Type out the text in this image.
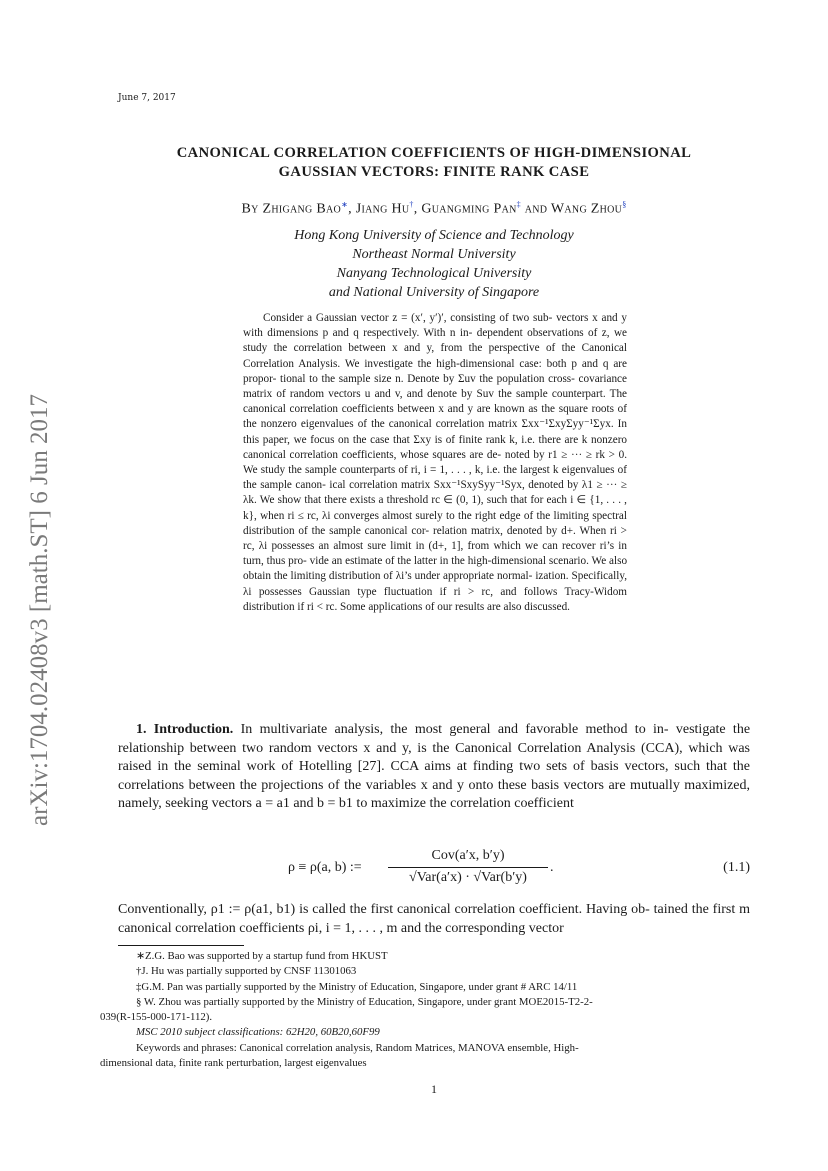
June 7, 2017
arXiv:1704.02408v3 [math.ST] 6 Jun 2017
CANONICAL CORRELATION COEFFICIENTS OF HIGH-DIMENSIONAL
GAUSSIAN VECTORS: FINITE RANK CASE
By Zhigang Bao∗, Jiang Hu†, Guangming Pan‡ and Wang Zhou§
Hong Kong University of Science and Technology
Northeast Normal University
Nanyang Technological University
and National University of Singapore

Consider a Gaussian vector z = (x′, y′)′, consisting of two sub- vectors x and y with dimensions p and q respectively. With n in- dependent observations of z, we study the correlation between x and y, from the perspective of the Canonical Correlation Analysis. We investigate the high-dimensional case: both p and q are propor- tional to the sample size n. Denote by Σuv the population cross- covariance matrix of random vectors u and v, and denote by Suv the sample counterpart. The canonical correlation coefficients between x and y are known as the square roots of the nonzero eigenvalues of the canonical correlation matrix Σxx⁻¹ΣxyΣyy⁻¹Σyx. In this paper, we focus on the case that Σxy is of finite rank k, i.e. there are k nonzero canonical correlation coefficients, whose squares are de- noted by r1 ≥ ··· ≥ rk > 0. We study the sample counterparts of ri, i = 1, . . . , k, i.e. the largest k eigenvalues of the sample canon- ical correlation matrix Sxx⁻¹SxySyy⁻¹Syx, denoted by λ1 ≥ ··· ≥ λk. We show that there exists a threshold rc ∈ (0, 1), such that for each i ∈ {1, . . . , k}, when ri ≤ rc, λi converges almost surely to the right edge of the limiting spectral distribution of the sample canonical cor- relation matrix, denoted by d+. When ri > rc, λi possesses an almost sure limit in (d+, 1], from which we can recover ri’s in turn, thus pro- vide an estimate of the latter in the high-dimensional scenario. We also obtain the limiting distribution of λi’s under appropriate normal- ization. Specifically, λi possesses Gaussian type fluctuation if ri > rc, and follows Tracy-Widom distribution if ri < rc. Some applications of our results are also discussed.

1. Introduction. In multivariate analysis, the most general and favorable method to in- vestigate the relationship between two random vectors x and y, is the Canonical Correlation Analysis (CCA), which was raised in the seminal work of Hotelling [27]. CCA aims at finding two sets of basis vectors, such that the correlations between the projections of the variables x and y onto these basis vectors are mutually maximized, namely, seeking vectors a = a1 and b = b1 to maximize the correlation coefficient

ρ ≡ ρ(a, b) :=
Cov(a′x, b′y)
√Var(a′x) · √Var(b′y)
.	(1.1)

Conventionally, ρ1 := ρ(a1, b1) is called the first canonical correlation coefficient. Having ob- tained the first m canonical correlation coefficients ρi, i = 1, . . . , m and the corresponding vector

∗Z.G. Bao was supported by a startup fund from HKUST

†J. Hu was partially supported by CNSF 11301063

‡G.M. Pan was partially supported by the Ministry of Education, Singapore, under grant # ARC 14/11

§ W. Zhou was partially supported by the Ministry of Education, Singapore, under grant MOE2015-T2-2-
039(R-155-000-171-112).

MSC 2010 subject classifications: 62H20, 60B20,60F99

Keywords and phrases: Canonical correlation analysis, Random Matrices, MANOVA ensemble, High-
dimensional data, finite rank perturbation, largest eigenvalues

1
